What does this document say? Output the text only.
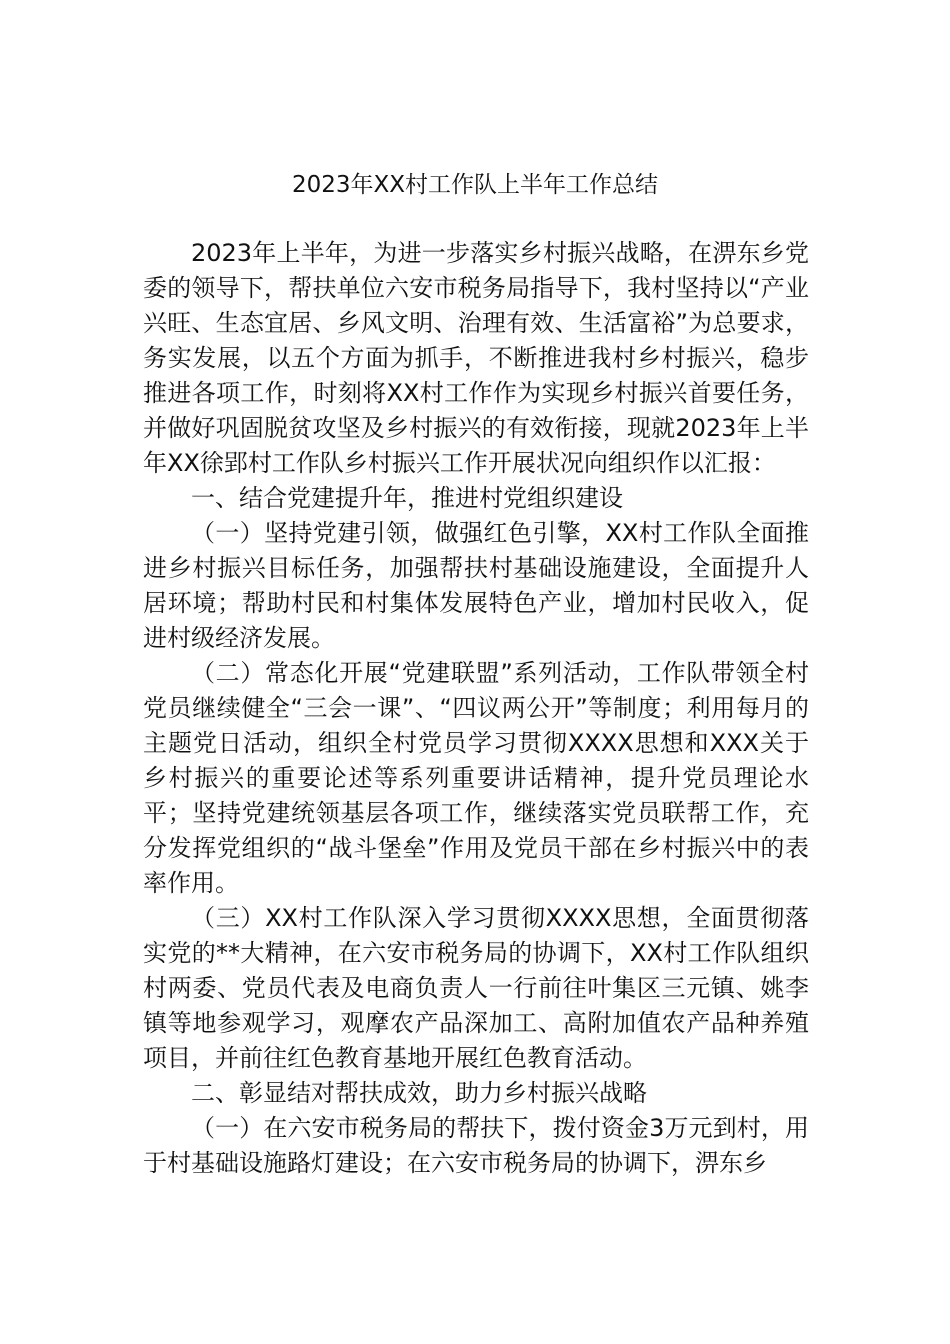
2023年XX村工作队上半年工作总结

2023年上半年，为进一步落实乡村振兴战略，在淠东乡党委的领导下，帮扶单位六安市税务局指导下，我村坚持以“产业兴旺、生态宜居、乡风文明、治理有效、生活富裕”为总要求，务实发展，以五个方面为抓手，不断推进我村乡村振兴，稳步推进各项工作，时刻将XX村工作作为实现乡村振兴首要任务，并做好巩固脱贫攻坚及乡村振兴的有效衔接，现就2023年上半年XX徐郢村工作队乡村振兴工作开展状况向组织作以汇报：

一、结合党建提升年，推进村党组织建设

（一）坚持党建引领，做强红色引擎，XX村工作队全面推进乡村振兴目标任务，加强帮扶村基础设施建设，全面提升人居环境；帮助村民和村集体发展特色产业，增加村民收入，促进村级经济发展。

（二）常态化开展“党建联盟”系列活动，工作队带领全村党员继续健全“三会一课”、“四议两公开”等制度；利用每月的主题党日活动，组织全村党员学习贯彻XXXX思想和XXX关于乡村振兴的重要论述等系列重要讲话精神，提升党员理论水平；坚持党建统领基层各项工作，继续落实党员联帮工作，充分发挥党组织的“战斗堡垒”作用及党员干部在乡村振兴中的表率作用。

（三）XX村工作队深入学习贯彻XXXX思想，全面贯彻落实党的**大精神，在六安市税务局的协调下，XX村工作队组织村两委、党员代表及电商负责人一行前往叶集区三元镇、姚李镇等地参观学习，观摩农产品深加工、高附加值农产品种养殖项目，并前往红色教育基地开展红色教育活动。

二、彰显结对帮扶成效，助力乡村振兴战略

（一）在六安市税务局的帮扶下，拨付资金3万元到村，用于村基础设施路灯建设；在六安市税务局的协调下，淠东乡
